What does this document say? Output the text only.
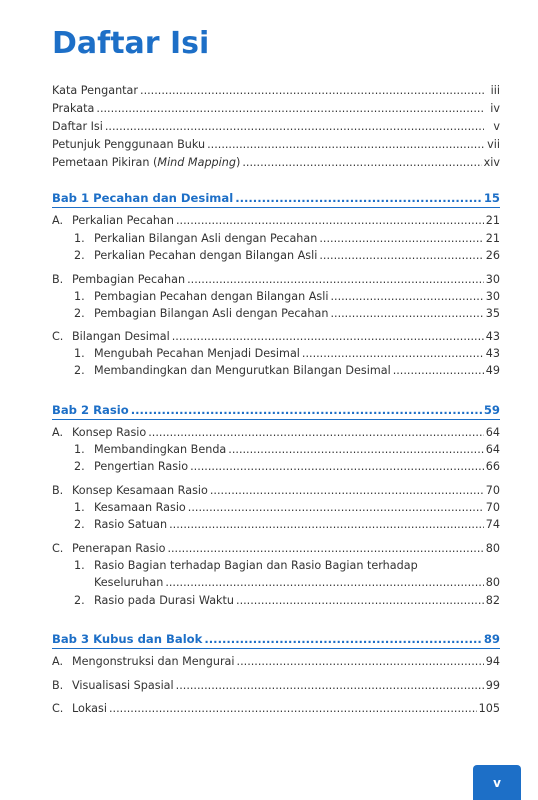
Daftar Isi
Kata Pengantar .....	iii
Prakata .....	iv
Daftar Isi .....	v
Petunjuk Penggunaan Buku .....	vii
Pemetaan Pikiran (Mind Mapping) .....	xiv
Bab 1 Pecahan dan Desimal .....	15
A. Perkalian Pecahan .....	21
1. Perkalian Bilangan Asli dengan Pecahan .....	21
2. Perkalian Pecahan dengan Bilangan Asli .....	26
B. Pembagian Pecahan .....	30
1. Pembagian Pecahan dengan Bilangan Asli .....	30
2. Pembagian Bilangan Asli dengan Pecahan .....	35
C. Bilangan Desimal .....	43
1. Mengubah Pecahan Menjadi Desimal .....	43
2. Membandingkan dan Mengurutkan Bilangan Desimal .....	49
Bab 2 Rasio .....	59
A. Konsep Rasio .....	64
1. Membandingkan Benda .....	64
2. Pengertian Rasio .....	66
B. Konsep Kesamaan Rasio .....	70
1. Kesamaan Rasio .....	70
2. Rasio Satuan .....	74
C. Penerapan Rasio .....	80
1. Rasio Bagian terhadap Bagian dan Rasio Bagian terhadap
Keseluruhan .....	80
2. Rasio pada Durasi Waktu .....	82
Bab 3 Kubus dan Balok .....	89
A. Mengonstruksi dan Mengurai .....	94
B. Visualisasi Spasial .....	99
C. Lokasi .....	105
v
